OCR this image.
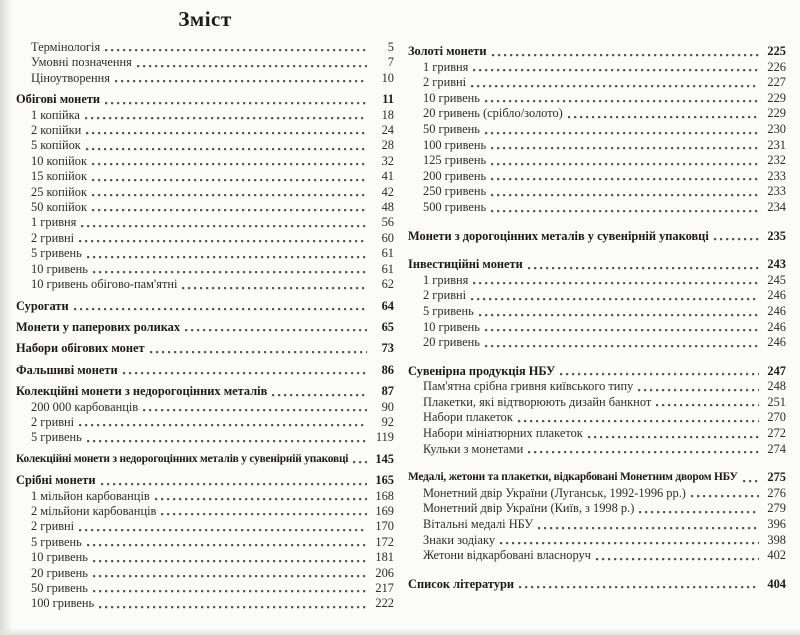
Зміст
Термінологія	5
Умовні позначення	7
Ціноутворення	10
Обігові монети	11
1 копійка	18
2 копійки	24
5 копійок	28
10 копійок	32
15 копійок	41
25 копійок	42
50 копійок	48
1 гривня	56
2 гривні	60
5 гривень	61
10 гривень	61
10 гривень обігово-пам'ятні	62
Сурогати	64
Монети у паперових роликах	65
Набори обігових монет	73
Фальшиві монети	86
Колекційні монети з недорогоцінних металів	87
200 000 карбованців	90
2 гривні	92
5 гривень	119
Колекційні монети з недорогоцінних металів у сувенірній упаковці	145
Срібні монети	165
1 мільйон карбованців	168
2 мільйони карбованців	169
2 гривні	170
5 гривень	172
10 гривень	181
20 гривень	206
50 гривень	217
100 гривень	222
Золоті монети	225
1 гривня	226
2 гривні	227
10 гривень	229
20 гривень (срібло/золото)	229
50 гривень	230
100 гривень	231
125 гривень	232
200 гривень	233
250 гривень	233
500 гривень	234
Монети з дорогоцінних металів у сувенірній упаковці	235
Інвестиційні монети	243
1 гривня	245
2 гривні	246
5 гривень	246
10 гривень	246
20 гривень	246
Сувенірна продукція НБУ	247
Пам'ятна срібна гривня київського типу	248
Плакетки, які відтворюють дизайн банкнот	251
Набори плакеток	270
Набори мініатюрних плакеток	272
Кульки з монетами	274
Медалі, жетони та плакетки, відкарбовані Монетним двором НБУ	275
Монетний двір України (Луганськ, 1992-1996 рр.)	276
Монетний двір України (Київ, з 1998 р.)	279
Вітальні медалі НБУ	396
Знаки зодіаку	398
Жетони відкарбовані власноруч	402
Список літератури	404
